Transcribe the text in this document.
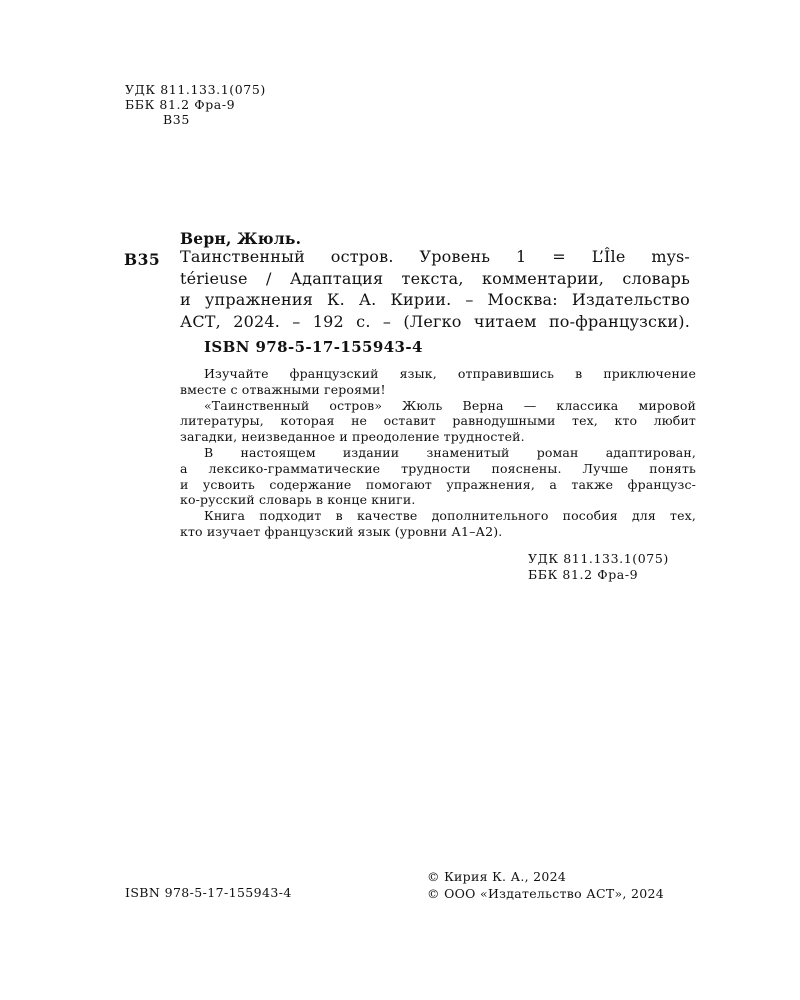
УДК 811.133.1(075)
ББК 81.2 Фра-9
В35
Верн, Жюль.
В35 Таинственный остров. Уровень 1 = L’Île mys-
térieuse / Адаптация текста, комментарии, словарь
и упражнения К. А. Кирии. – Москва: Издательство
АСТ, 2024. – 192 с. – (Легко читаем по-французски).
ISBN 978-5-17-155943-4
Изучайте французский язык, отправившись в приключение
вместе с отважными героями!
«Таинственный остров» Жюль Верна — классика мировой
литературы, которая не оставит равнодушными тех, кто любит
загадки, неизведанное и преодоление трудностей.
В настоящем издании знаменитый роман адаптирован,
а лексико-грамматические трудности пояснены. Лучше понять
и усвоить содержание помогают упражнения, а также французс-
ко-русский словарь в конце книги.
Книга подходит в качестве дополнительного пособия для тех,
кто изучает французский язык (уровни А1–А2).
УДК 811.133.1(075)
ББК 81.2 Фра-9
© Кирия К. А., 2024
© ООО «Издательство АСТ», 2024
ISBN 978-5-17-155943-4
